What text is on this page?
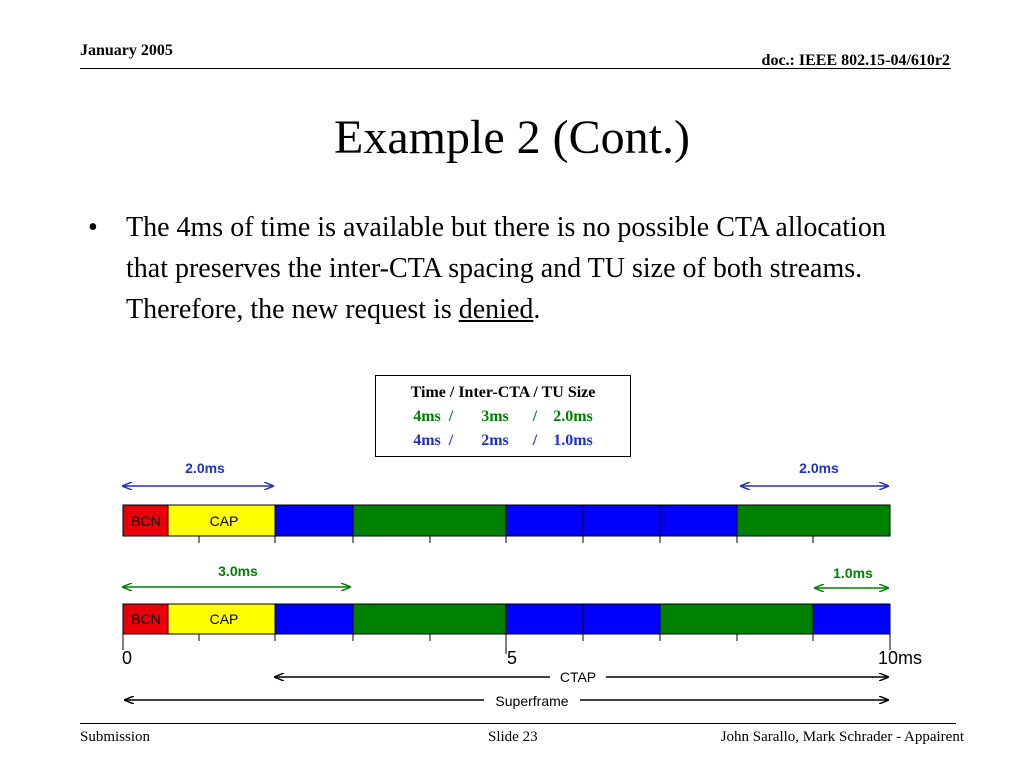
January 2005
doc.: IEEE 802.15-04/610r2
Example 2 (Cont.)
• The 4ms of time is available but there is no possible CTA allocation that preserves the inter-CTA spacing and TU size of both streams. Therefore, the new request is denied.
Time / Inter-CTA / TU Size
4ms  /       3ms      /    2.0ms
4ms  /       2ms      /    1.0ms
2.0ms	2.0ms
BCN	CAP
3.0ms	1.0ms
BCN	CAP
0	5	10ms
CTAP
Superframe
Submission	Slide 23	John Sarallo, Mark Schrader - Appairent
